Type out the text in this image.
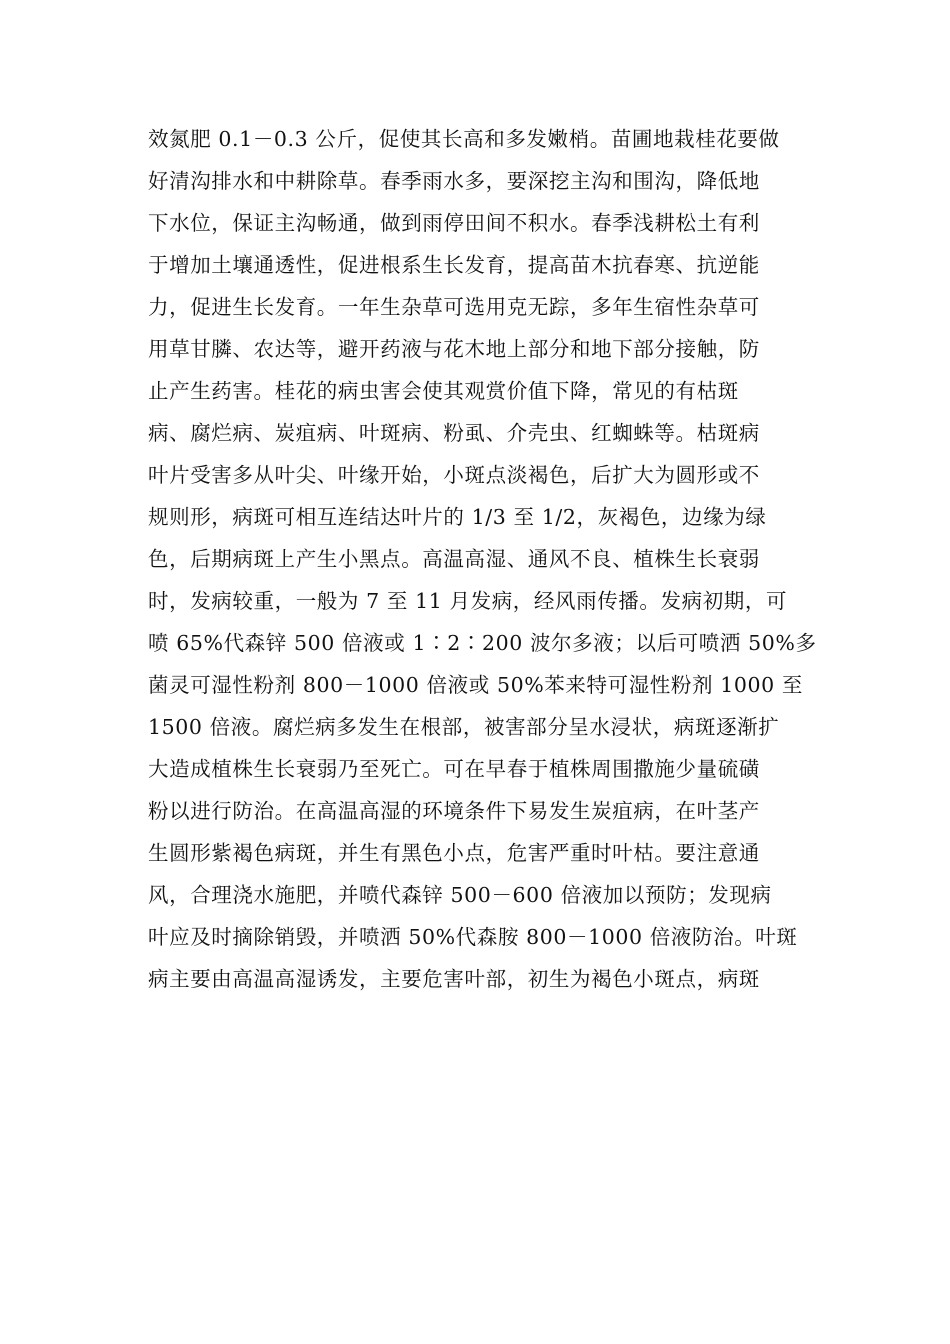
效氮肥 0.1－0.3 公斤，促使其长高和多发嫩梢。苗圃地栽桂花要做
好清沟排水和中耕除草。春季雨水多，要深挖主沟和围沟，降低地
下水位，保证主沟畅通，做到雨停田间不积水。春季浅耕松土有利
于增加土壤通透性，促进根系生长发育，提高苗木抗春寒、抗逆能
力，促进生长发育。一年生杂草可选用克无踪，多年生宿性杂草可
用草甘膦、农达等，避开药液与花木地上部分和地下部分接触，防
止产生药害。桂花的病虫害会使其观赏价值下降，常见的有枯斑
病、腐烂病、炭疽病、叶斑病、粉虱、介壳虫、红蜘蛛等。枯斑病
叶片受害多从叶尖、叶缘开始，小斑点淡褐色，后扩大为圆形或不
规则形，病斑可相互连结达叶片的 1/3 至 1/2，灰褐色，边缘为绿
色，后期病斑上产生小黑点。高温高湿、通风不良、植株生长衰弱
时，发病较重，一般为 7 至 11 月发病，经风雨传播。发病初期，可
喷 65%代森锌 500 倍液或 1∶2∶200 波尔多液；以后可喷洒 50%多
菌灵可湿性粉剂 800－1000 倍液或 50%苯来特可湿性粉剂 1000 至
1500 倍液。腐烂病多发生在根部，被害部分呈水浸状，病斑逐渐扩
大造成植株生长衰弱乃至死亡。可在早春于植株周围撒施少量硫磺
粉以进行防治。在高温高湿的环境条件下易发生炭疽病，在叶茎产
生圆形紫褐色病斑，并生有黑色小点，危害严重时叶枯。要注意通
风，合理浇水施肥，并喷代森锌 500－600 倍液加以预防；发现病
叶应及时摘除销毁，并喷洒 50%代森胺 800－1000 倍液防治。叶斑
病主要由高温高湿诱发，主要危害叶部，初生为褐色小斑点，病斑
